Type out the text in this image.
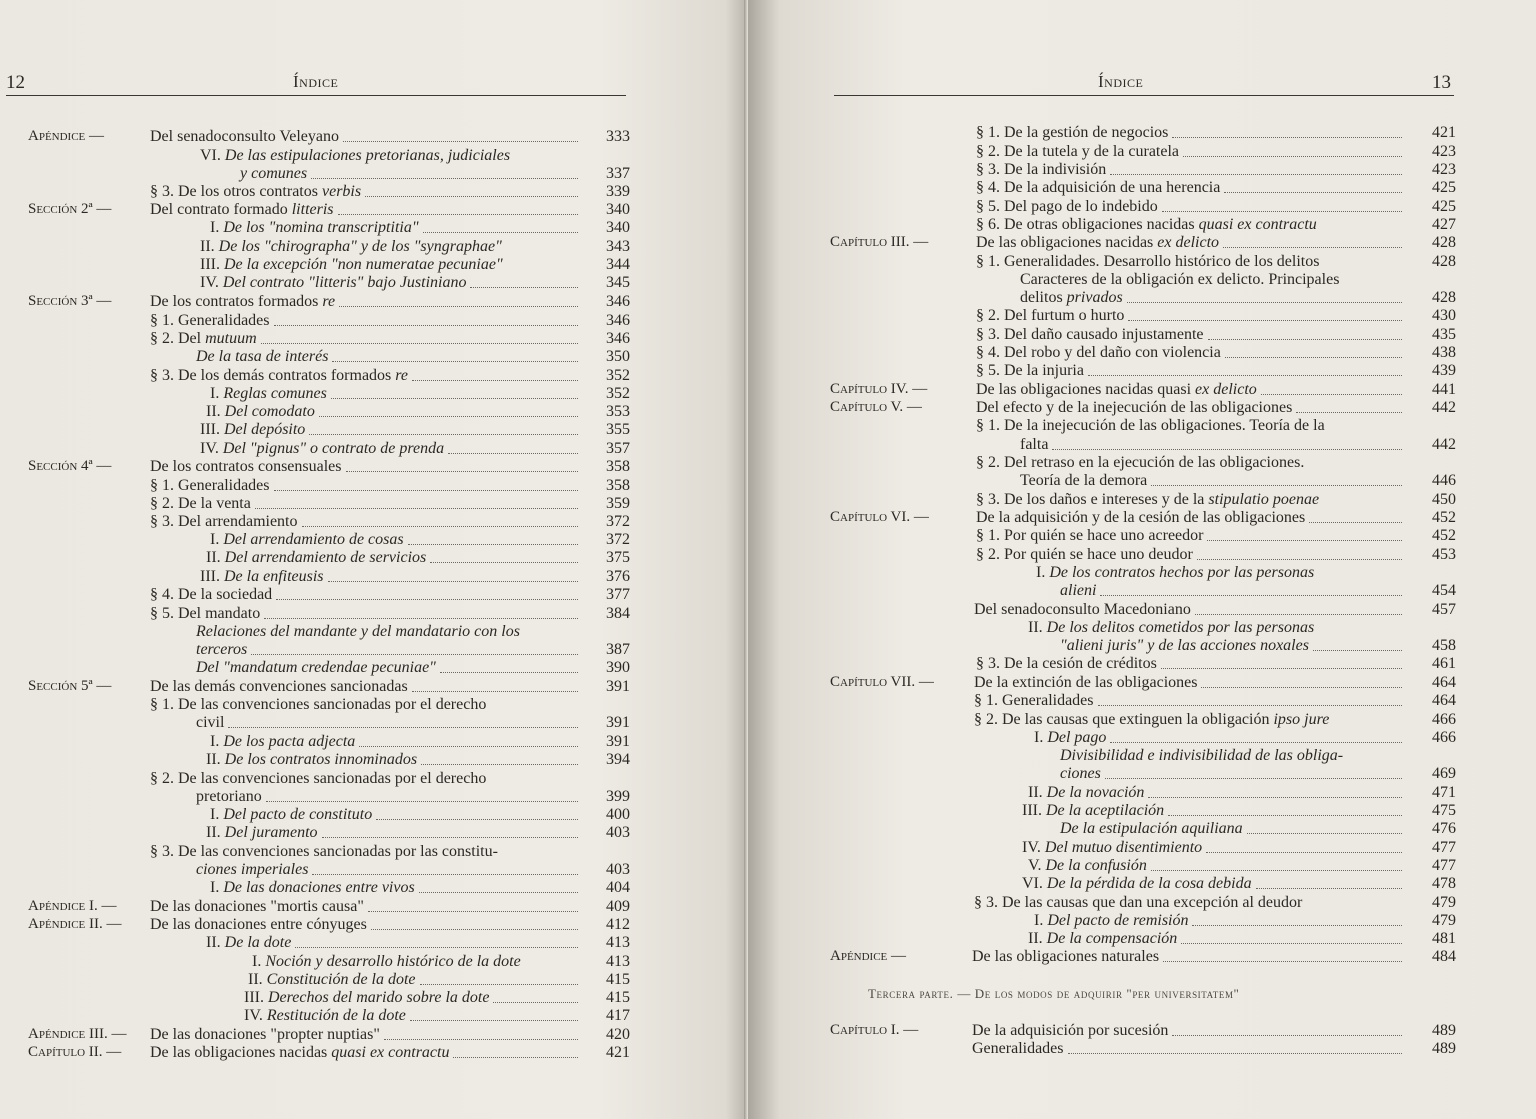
12	Índice
Apéndice —	Del senadoconsulto Veleyano	333
VI. De las estipulaciones pretorianas, judiciales
y comunes	337
§ 3. De los otros contratos verbis	339
Sección 2ª — Del contrato formado litteris	340
I. De los "nomina transcriptitia"	340
II. De los "chirographa" y de los "syngraphae"	343
III. De la excepción "non numeratae pecuniae"	344
IV. Del contrato "litteris" bajo Justiniano	345
Sección 3ª — De los contratos formados re	346
§ 1. Generalidades	346
§ 2. Del mutuum	346
De la tasa de interés	350
§ 3. De los demás contratos formados re	352
I. Reglas comunes	352
II. Del comodato	353
III. Del depósito	355
IV. Del "pignus" o contrato de prenda	357
Sección 4ª — De los contratos consensuales	358
§ 1. Generalidades	358
§ 2. De la venta	359
§ 3. Del arrendamiento	372
I. Del arrendamiento de cosas	372
II. Del arrendamiento de servicios	375
III. De la enfiteusis	376
§ 4. De la sociedad	377
§ 5. Del mandato	384
Relaciones del mandante y del mandatario con los
terceros	387
Del "mandatum credendae pecuniae"	390
Sección 5ª — De las demás convenciones sancionadas	391
§ 1. De las convenciones sancionadas por el derecho
civil	391
I. De los pacta adjecta	391
II. De los contratos innominados	394
§ 2. De las convenciones sancionadas por el derecho
pretoriano	399
I. Del pacto de constituto	400
II. Del juramento	403
§ 3. De las convenciones sancionadas por las constitu-
ciones imperiales	403
I. De las donaciones entre vivos	404
Apéndice I. — De las donaciones "mortis causa"	409
Apéndice II. — De las donaciones entre cónyuges	412
II. De la dote	413
I. Noción y desarrollo histórico de la dote	413
II. Constitución de la dote	415
III. Derechos del marido sobre la dote	415
IV. Restitución de la dote	417
Apéndice III. — De las donaciones "propter nuptias"	420
Capítulo II. — De las obligaciones nacidas quasi ex contractu	421
Índice	13
§ 1. De la gestión de negocios	421
§ 2. De la tutela y de la curatela	423
§ 3. De la indivisión	423
§ 4. De la adquisición de una herencia	425
§ 5. Del pago de lo indebido	425
§ 6. De otras obligaciones nacidas quasi ex contractu	427
Capítulo III. —	De las obligaciones nacidas ex delicto	428
§ 1. Generalidades. Desarrollo histórico de los delitos	428
Caracteres de la obligación ex delicto. Principales
delitos privados	428
§ 2. Del furtum o hurto	430
§ 3. Del daño causado injustamente	435
§ 4. Del robo y del daño con violencia	438
§ 5. De la injuria	439
Capítulo IV. —	De las obligaciones nacidas quasi ex delicto	441
Capítulo V. —	Del efecto y de la inejecución de las obligaciones	442
§ 1. De la inejecución de las obligaciones. Teoría de la
falta	442
§ 2. Del retraso en la ejecución de las obligaciones.
Teoría de la demora	446
§ 3. De los daños e intereses y de la stipulatio poenae	450
Capítulo VI. —	De la adquisición y de la cesión de las obligaciones	452
§ 1. Por quién se hace uno acreedor	452
§ 2. Por quién se hace uno deudor	453
I. De los contratos hechos por las personas
alieni	454
Del senadoconsulto Macedoniano	457
II. De los delitos cometidos por las personas
"alieni juris" y de las acciones noxales	458
§ 3. De la cesión de créditos	461
Capítulo VII. —	De la extinción de las obligaciones	464
§ 1. Generalidades	464
§ 2. De las causas que extinguen la obligación ipso jure	466
I. Del pago	466
Divisibilidad e indivisibilidad de las obliga-
ciones	469
II. De la novación	471
III. De la aceptilación	475
De la estipulación aquiliana	476
IV. Del mutuo disentimiento	477
V. De la confusión	477
VI. De la pérdida de la cosa debida	478
§ 3. De las causas que dan una excepción al deudor	479
I. Del pacto de remisión	479
II. De la compensación	481
Apéndice —	De las obligaciones naturales	484
Capítulo I. —	De la adquisición por sucesión	489
Generalidades	489
Tercera parte. — De los modos de adquirir "per universitatem"
